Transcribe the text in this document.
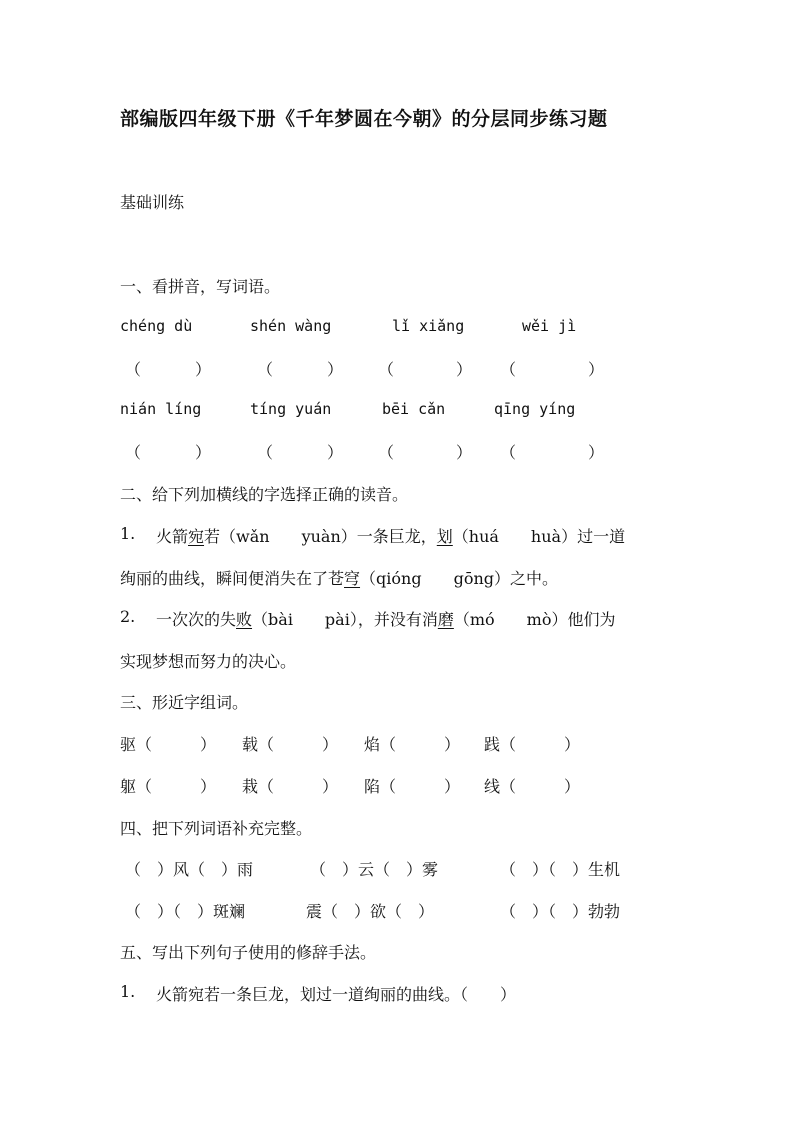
部编版四年级下册《千年梦圆在今朝》的分层同步练习题
基础训练
一、看拼音，写词语。
chéng dù	shén wàng	lǐ xiǎng	wěi jì
（	）	（	） （	） （	）
nián líng	tíng yuán	bēi cǎn	qīng yíng
（	）	（	） （	） （	）
二、给下列加横线的字选择正确的读音。
1. 火箭宛若（wǎn　　yuàn）一条巨龙，划（huá　　huà）过一道
绚丽的曲线，瞬间便消失在了苍穹（qióng　　gōng）之中。
2. 一次次的失败（bài　　pài），并没有消磨（mó　　mò）他们为
实现梦想而努力的决心。
三、形近字组词。
驱（　　　） 载（　　　） 焰（　　　） 践（　　　）
躯（　　　） 栽（　　　） 陷（　　　） 线（　　　）
四、把下列词语补充完整。
（　）风（　）雨	（　）云（　）雾	（　）（　）生机
（　）（　）斑斓	震（　）欲（　）	（　）（　）勃勃
五、写出下列句子使用的修辞手法。
1. 火箭宛若一条巨龙，划过一道绚丽的曲线。（　　）
